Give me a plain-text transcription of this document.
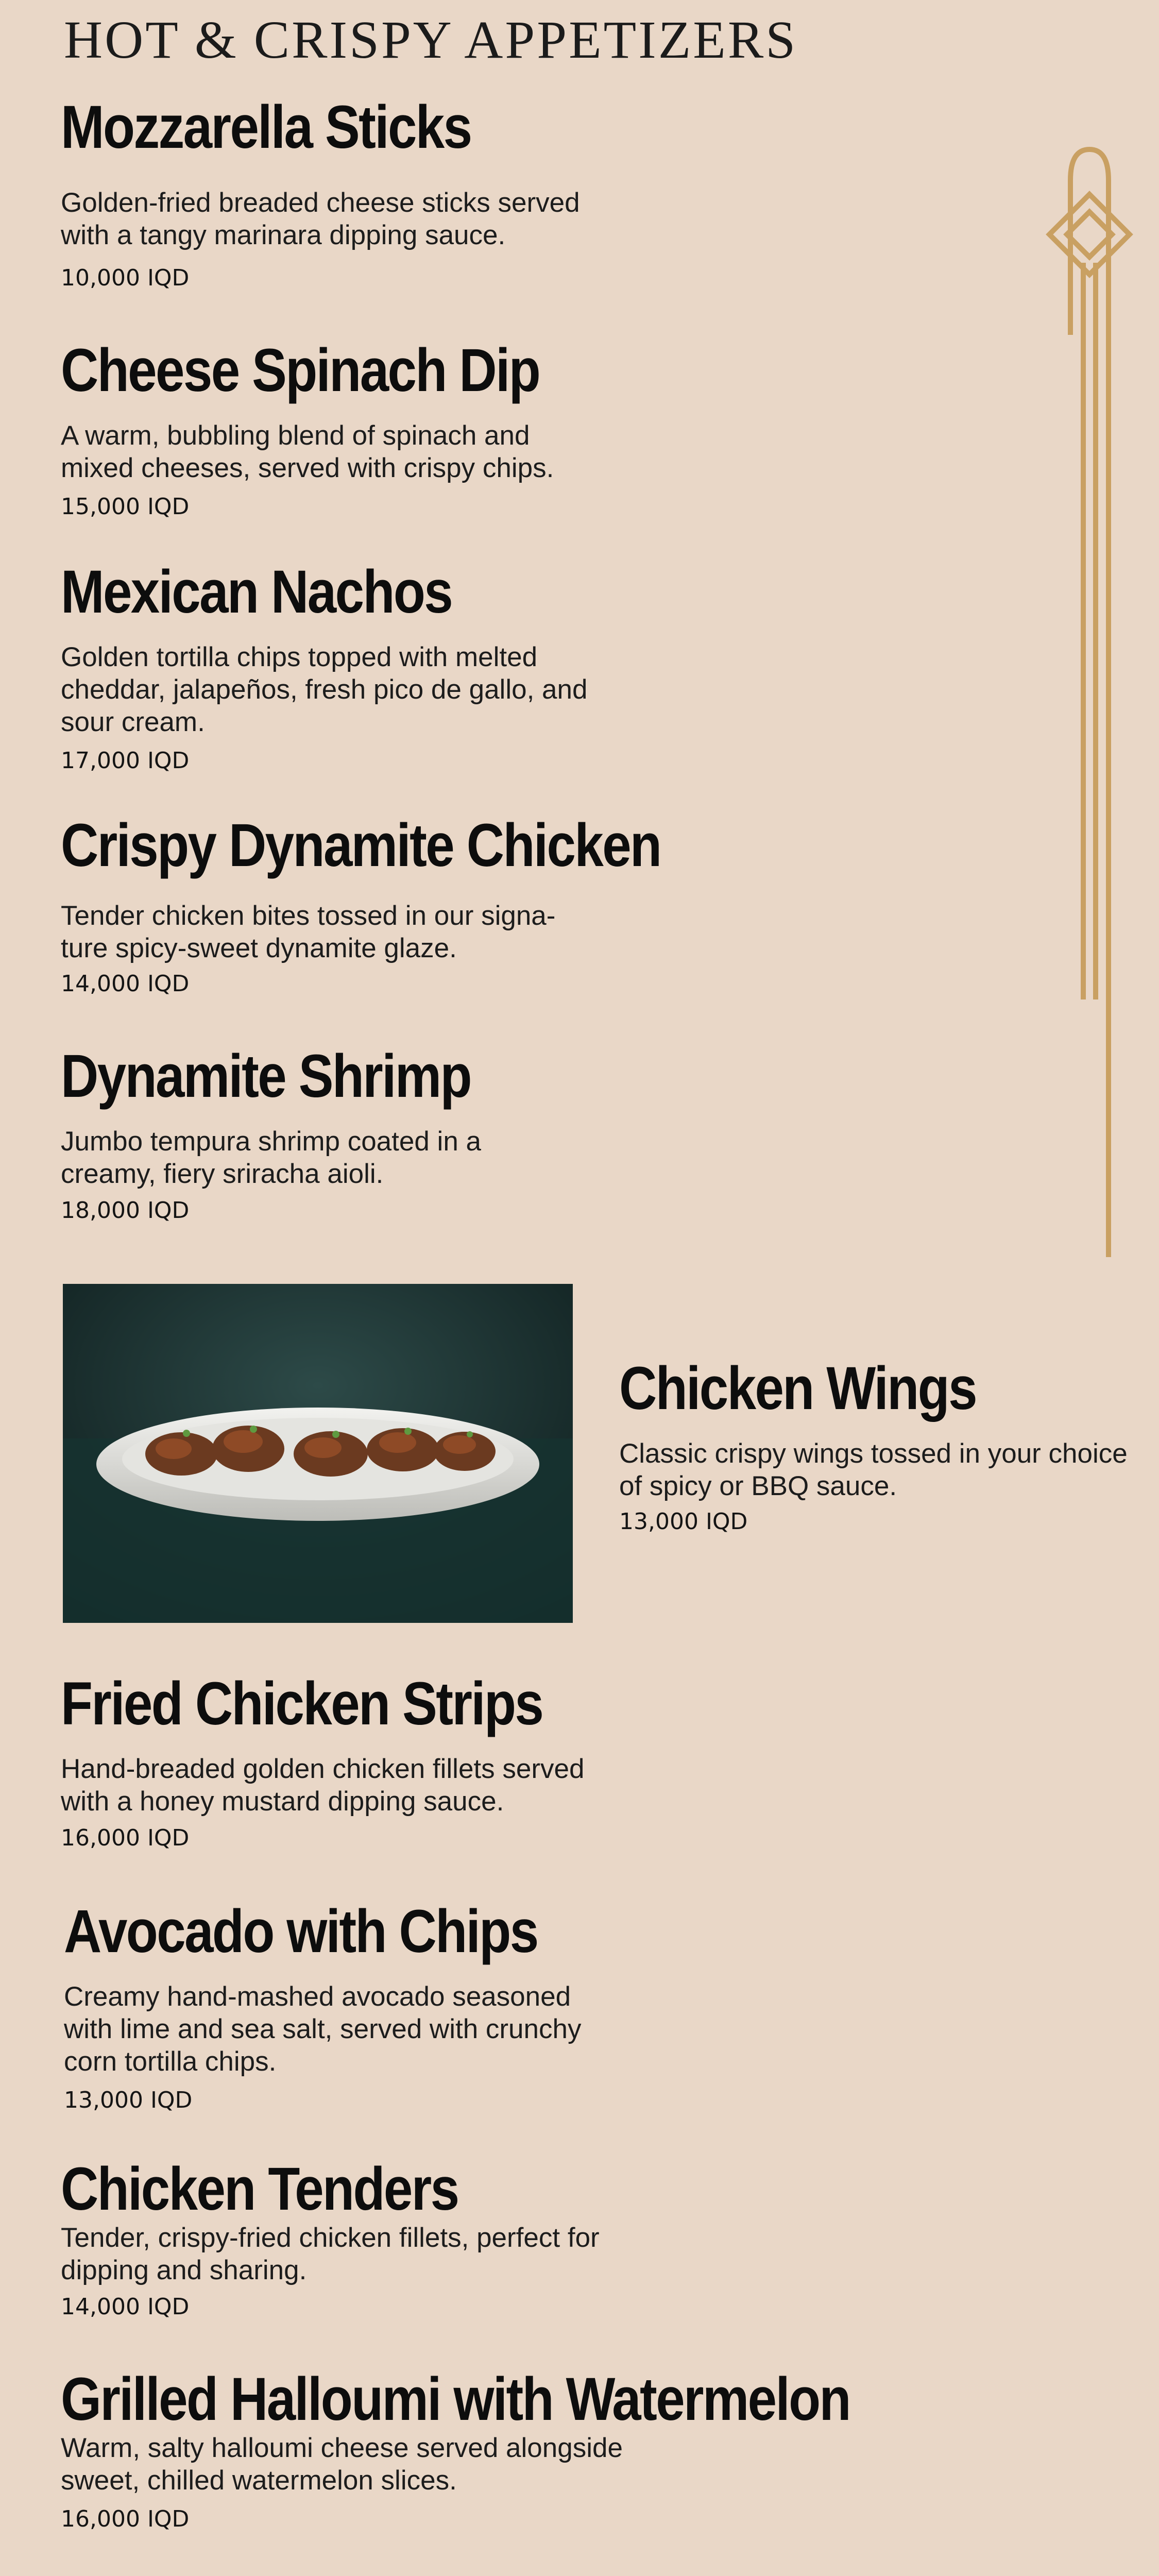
HOT & CRISPY APPETIZERS
Mozzarella Sticks

Golden-fried breaded cheese sticks served
with a tangy marinara dipping sauce.

10,000 IQD

Cheese Spinach Dip

A warm, bubbling blend of spinach and
mixed cheeses, served with crispy chips.

15,000 IQD

Mexican Nachos

Golden tortilla chips topped with melted
cheddar, jalapeños, fresh pico de gallo, and
sour cream.

17,000 IQD

Crispy Dynamite Chicken

Tender chicken bites tossed in our signa-
ture spicy-sweet dynamite glaze.

14,000 IQD

Dynamite Shrimp

Jumbo tempura shrimp coated in a
creamy, fiery sriracha aioli.

18,000 IQD

Chicken Wings

Classic crispy wings tossed in your choice
of spicy or BBQ sauce.

13,000 IQD

Fried Chicken Strips

Hand-breaded golden chicken fillets served
with a honey mustard dipping sauce.

16,000 IQD

Avocado with Chips

Creamy hand-mashed avocado seasoned
with lime and sea salt, served with crunchy
corn tortilla chips.

13,000 IQD

Chicken Tenders

Tender, crispy-fried chicken fillets, perfect for
dipping and sharing.

14,000 IQD

Grilled Halloumi with Watermelon

Warm, salty halloumi cheese served alongside
sweet, chilled watermelon slices.

16,000 IQD
